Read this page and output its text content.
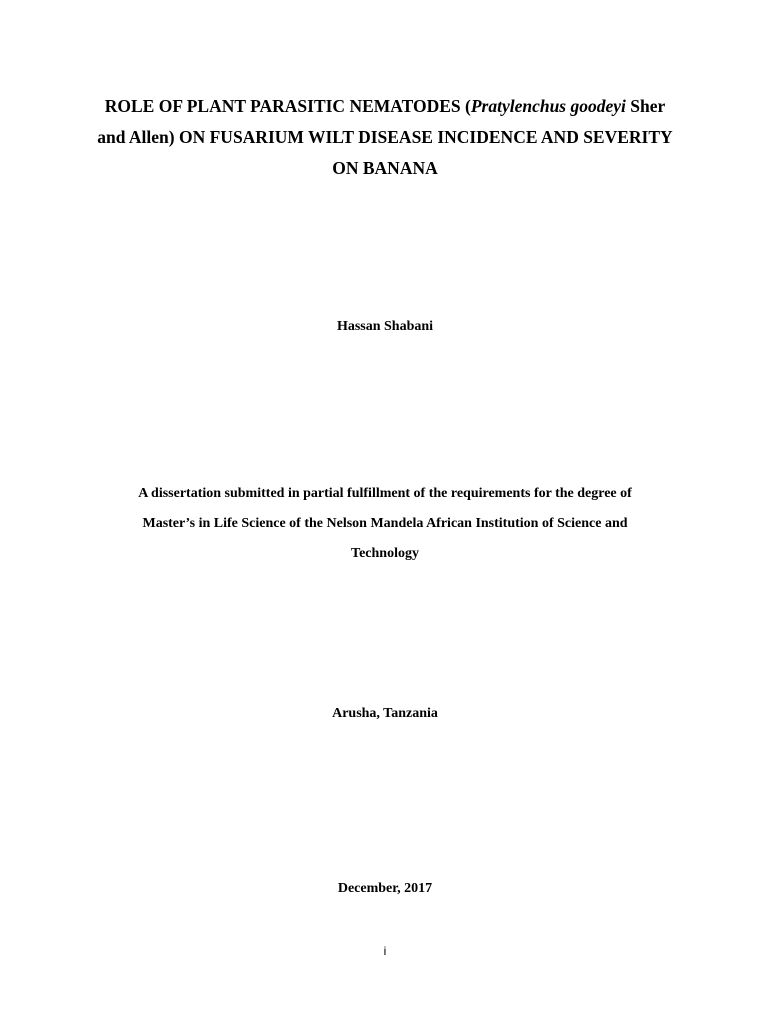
ROLE OF PLANT PARASITIC NEMATODES (Pratylenchus goodeyi Sher
and Allen) ON FUSARIUM WILT DISEASE INCIDENCE AND SEVERITY
ON BANANA
Hassan Shabani
A dissertation submitted in partial fulfillment of the requirements for the degree of
Master’s in Life Science of the Nelson Mandela African Institution of Science and
Technology
Arusha, Tanzania
December, 2017
i
